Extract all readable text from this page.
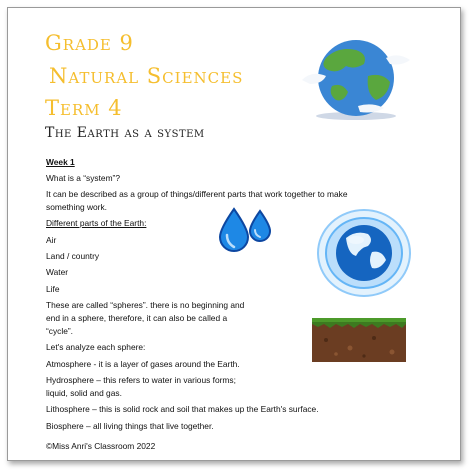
Grade 9
Natural Sciences
Term 4
The Earth as a system
Week 1
What is a “system”?
It can be described as a group of things/different parts that work together to make
something work.
Different parts of the Earth:
Air
Land / country
Water
Life
These are called “spheres”. there is no beginning and
end in a sphere, therefore, it can also be called a
“cycle”.
Let's analyze each sphere:
Atmosphere - it is a layer of gases around the Earth.
Hydrosphere – this refers to water in various forms;
liquid, solid and gas.
Lithosphere – this is solid rock and soil that makes up the Earth's surface.
Biosphere – all living things that live together.
©Miss Anri's Classroom 2022
